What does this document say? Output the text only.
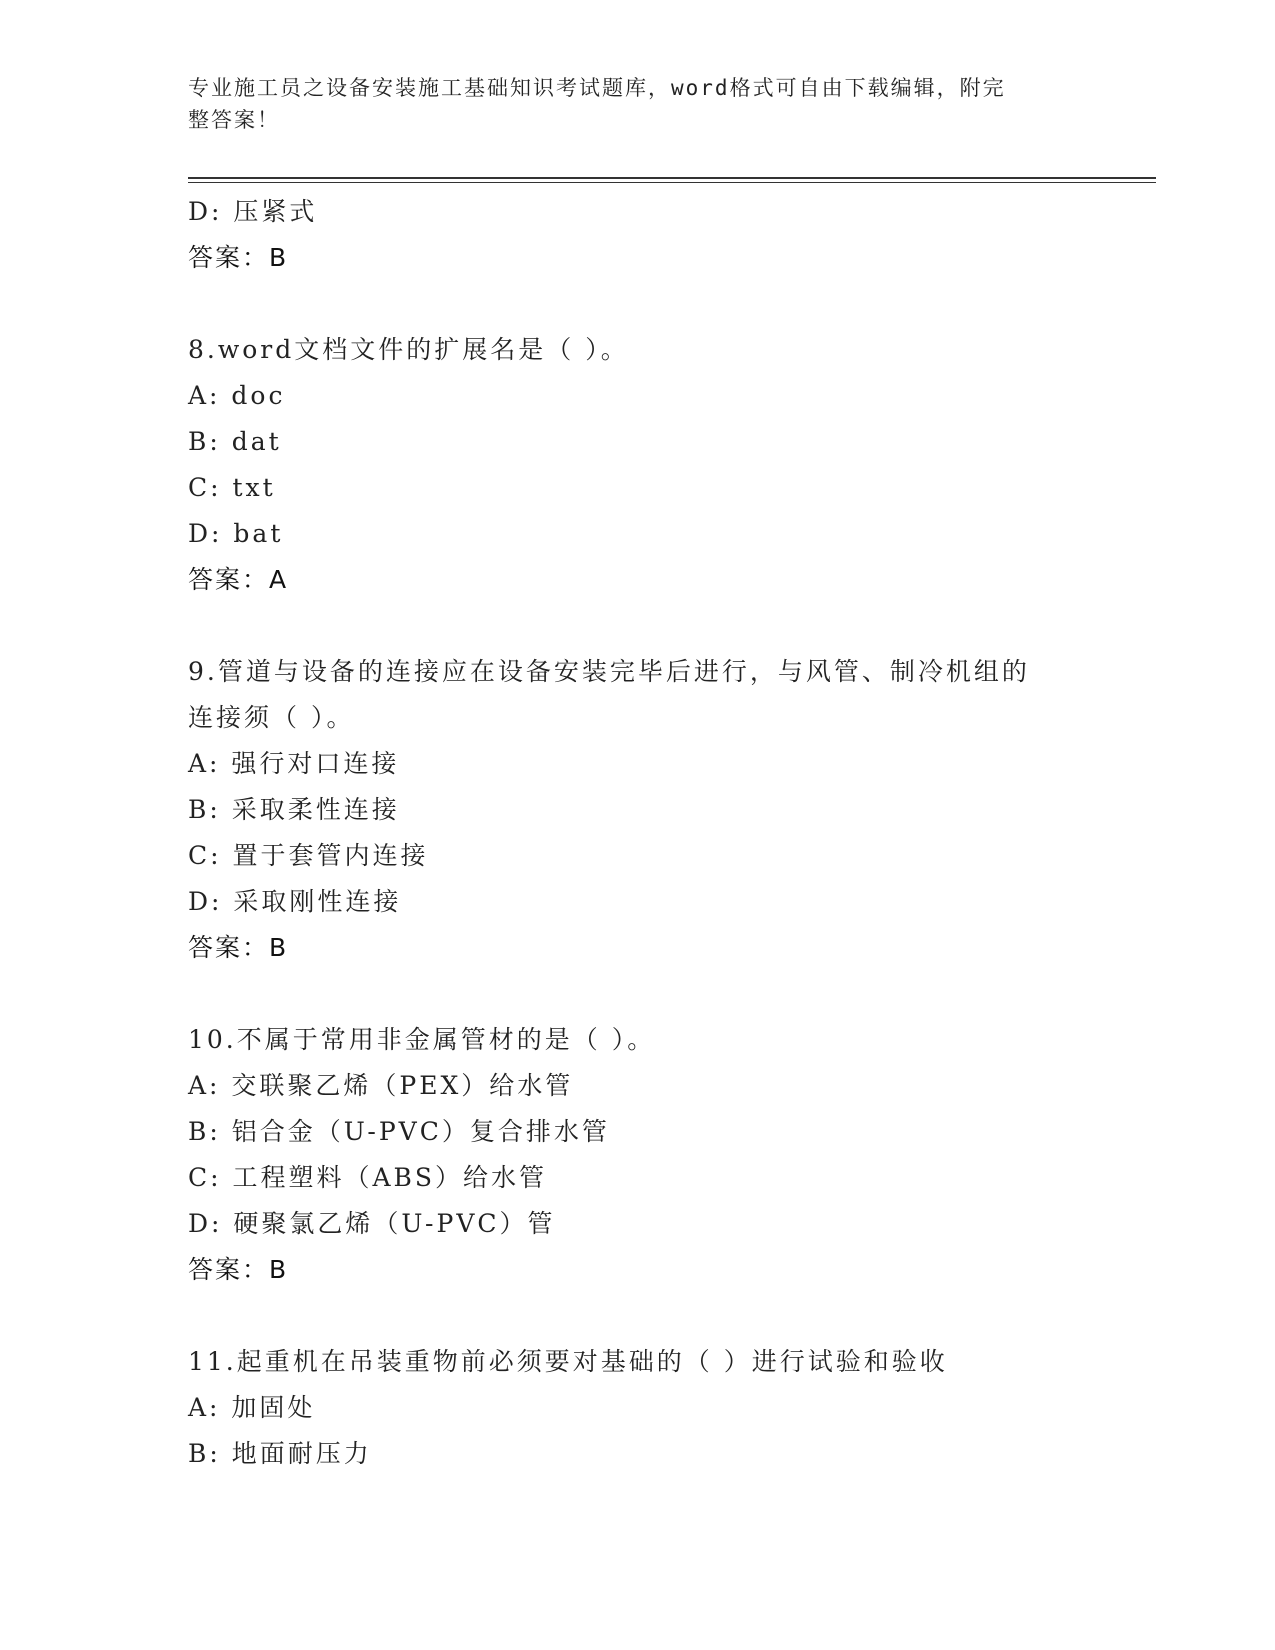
专业施工员之设备安装施工基础知识考试题库，word格式可自由下载编辑，附完
整答案！
D: 压紧式
答案：B
8.word文档文件的扩展名是（ ）。
A: doc
B: dat
C: txt
D: bat
答案：A
9.管道与设备的连接应在设备安装完毕后进行，与风管、制冷机组的
连接须（ ）。
A: 强行对口连接
B: 采取柔性连接
C: 置于套管内连接
D: 采取刚性连接
答案：B
10.不属于常用非金属管材的是（ ）。
A: 交联聚乙烯（PEX）给水管
B: 铝合金（U-PVC）复合排水管
C: 工程塑料（ABS）给水管
D: 硬聚氯乙烯（U-PVC）管
答案：B
11.起重机在吊装重物前必须要对基础的（ ）进行试验和验收
A: 加固处
B: 地面耐压力
